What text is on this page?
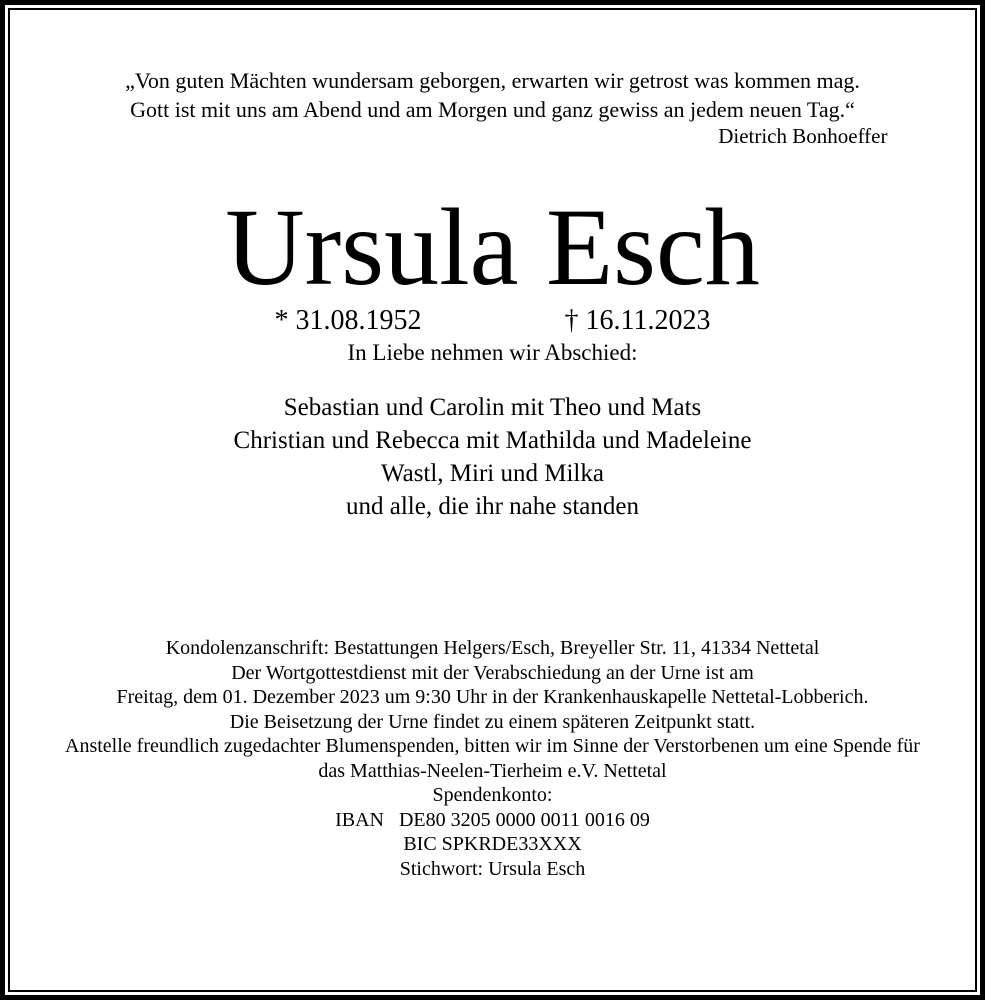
„Von guten Mächten wundersam geborgen, erwarten wir getrost was kommen mag.

Gott ist mit uns am Abend und am Morgen und ganz gewiss an jedem neuen Tag.“

Dietrich Bonhoeffer

Ursula Esch
* 31.08.1952	† 16.11.2023

In Liebe nehmen wir Abschied:

Sebastian und Carolin mit Theo und Mats

Christian und Rebecca mit Mathilda und Madeleine

Wastl, Miri und Milka

und alle, die ihr nahe standen

Kondolenzanschrift: Bestattungen Helgers/Esch, Breyeller Str. 11, 41334 Nettetal

Der Wortgottestdienst mit der Verabschiedung an der Urne ist am

Freitag, dem 01. Dezember 2023 um 9:30 Uhr in der Krankenhauskapelle Nettetal-Lobberich.

Die Beisetzung der Urne findet zu einem späteren Zeitpunkt statt.

Anstelle freundlich zugedachter Blumenspenden, bitten wir im Sinne der Verstorbenen um eine Spende für

das Matthias-Neelen-Tierheim e.V. Nettetal

Spendenkonto:

IBAN DE80 3205 0000 0011 0016 09

BIC SPKRDE33XXX

Stichwort: Ursula Esch
